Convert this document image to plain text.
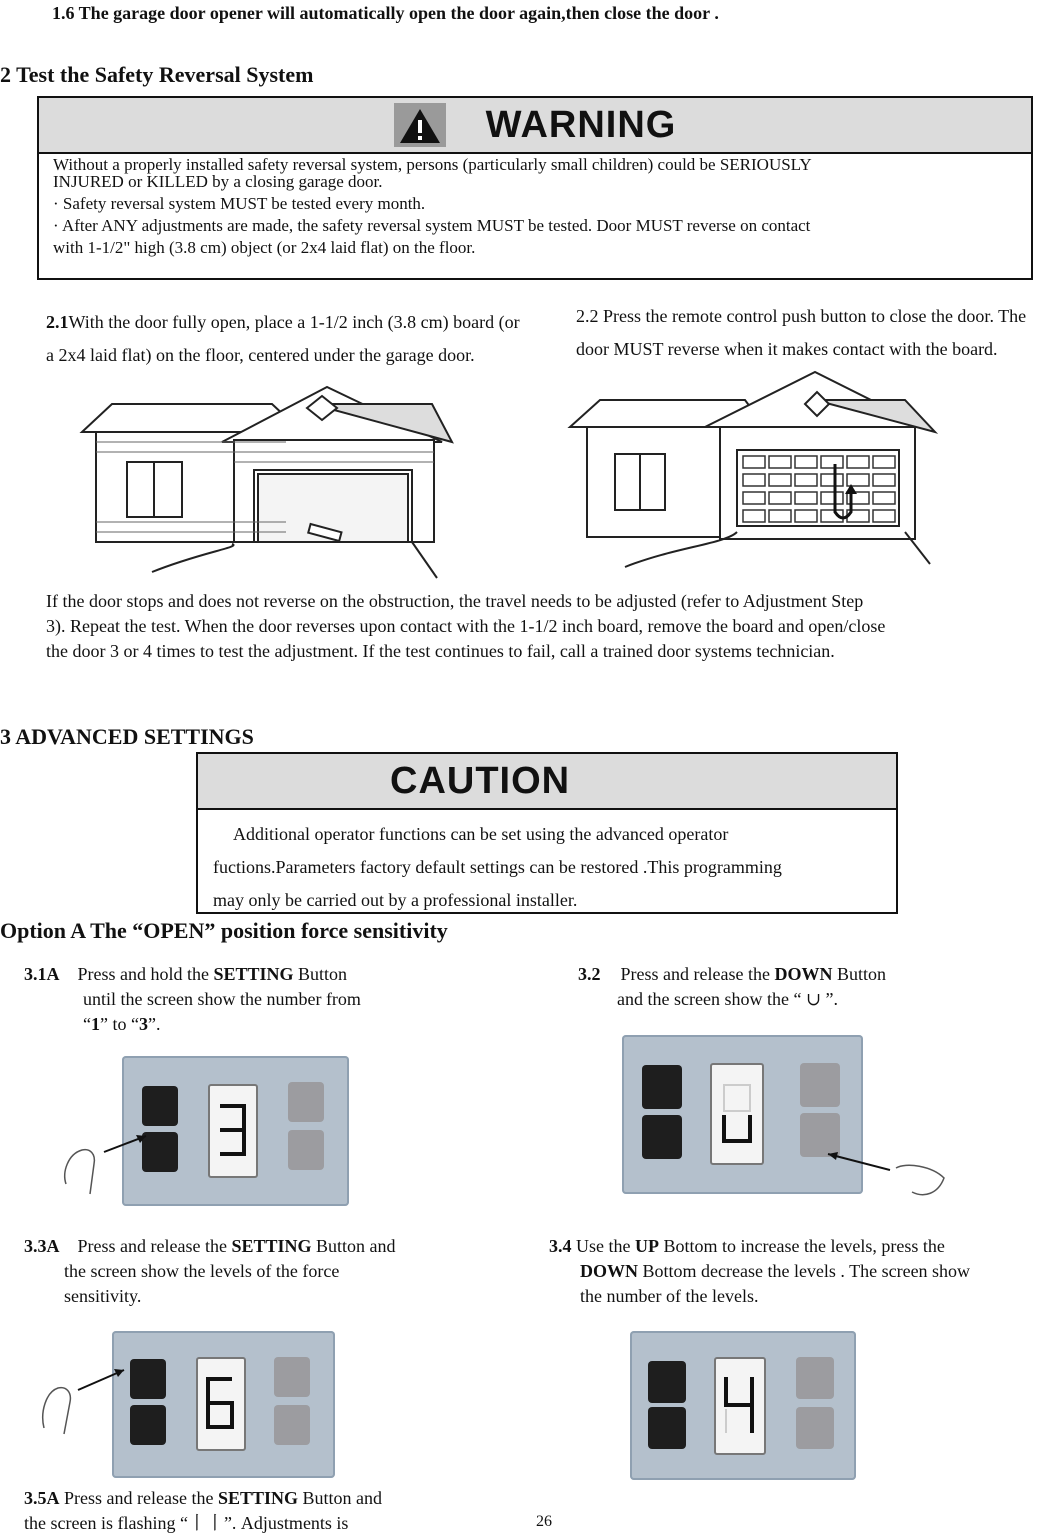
1.6 The garage door opener will automatically open the door again,then close the door .
2 Test the Safety Reversal System
WARNING
Without a properly installed safety reversal system, persons (particularly small children) could be SERIOUSLY
INJURED or KILLED by a closing garage door.
· Safety reversal system MUST be tested every month.
· After ANY adjustments are made, the safety reversal system MUST be tested. Door MUST reverse on contact
with 1-1/2" high (3.8 cm) object (or 2x4 laid flat) on the floor.
2.1With the door fully open, place a 1-1/2 inch (3.8 cm) board (or a 2x4 laid flat) on the floor, centered under the garage door.
2.2 Press the remote control push button to close the door. The door MUST reverse when it makes contact with the board.
If the door stops and does not reverse on the obstruction, the travel needs to be adjusted (refer to Adjustment Step
3). Repeat the test. When the door reverses upon contact with the 1-1/2 inch board, remove the board and open/close
the door 3 or 4 times to test the adjustment. If the test continues to fail, call a trained door systems technician.
3 ADVANCED SETTINGS
CAUTION
Additional operator functions can be set using the advanced operator
fuctions.Parameters factory default settings can be restored .This programming
may only be carried out by a professional installer.
Option A The “OPEN” position force sensitivity
3.1A Press and hold the SETTING Button
until the screen show the number from
“1” to “3”.
3.2 Press and release the DOWN Button
and the screen show the “ ∪ ”.
3.3A Press and release the SETTING Button and
the screen show the levels of the force
sensitivity.
3.4 Use the UP Bottom to increase the levels, press the
DOWN Bottom decrease the levels . The screen show
the number of the levels.
3.5A Press and release the SETTING Button and
the screen is flashing “丨丨”. Adjustments is	26
